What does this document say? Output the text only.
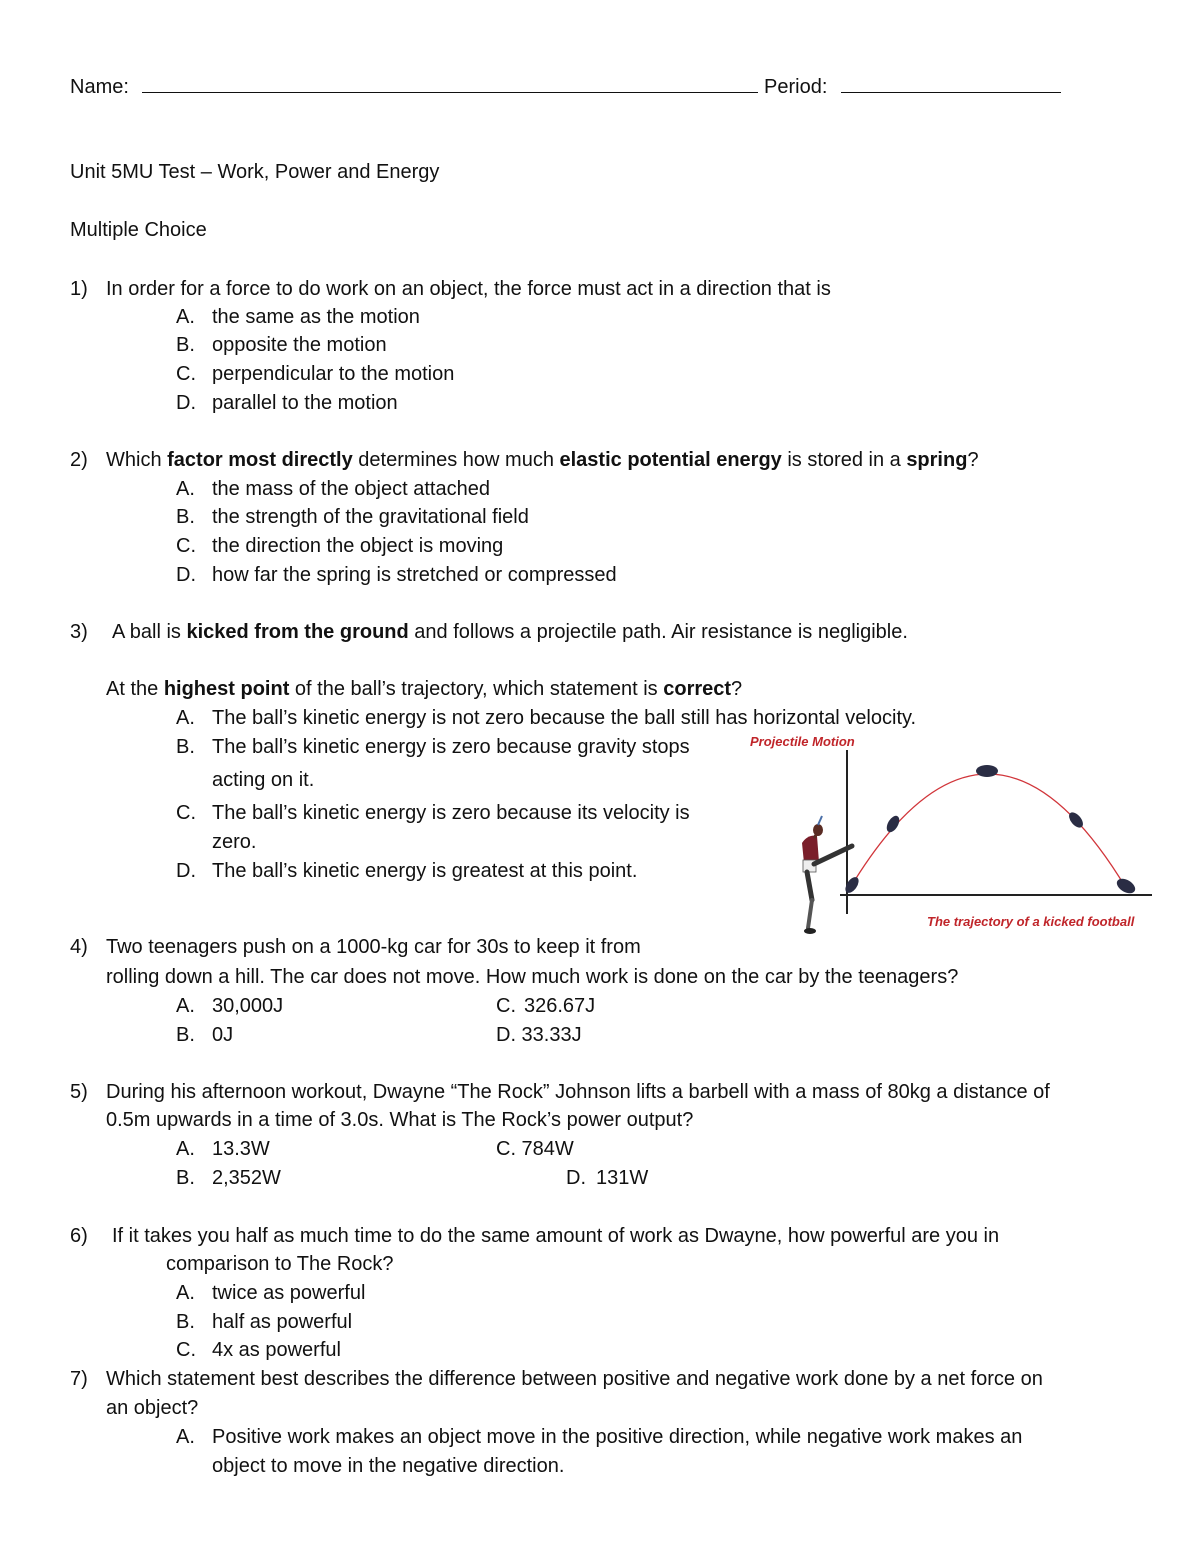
Name:	Period:
Unit 5MU Test – Work, Power and Energy
Multiple Choice
1) In order for a force to do work on an object, the force must act in a direction that is
A. the same as the motion
B. opposite the motion
C. perpendicular to the motion
D. parallel to the motion
2) Which factor most directly determines how much elastic potential energy is stored in a spring?
A. the mass of the object attached
B. the strength of the gravitational field
C. the direction the object is moving
D. how far the spring is stretched or compressed
3) A ball is kicked from the ground and follows a projectile path. Air resistance is negligible.
At the highest point of the ball’s trajectory, which statement is correct?
A. The ball’s kinetic energy is not zero because the ball still has horizontal velocity.
B. The ball’s kinetic energy is zero because gravity stops
acting on it.
C. The ball’s kinetic energy is zero because its velocity is
zero.
D. The ball’s kinetic energy is greatest at this point.
Projectile Motion
The trajectory of a kicked football
4) Two teenagers push on a 1000-kg car for 30s to keep it from
rolling down a hill. The car does not move. How much work is done on the car by the teenagers?
A. 30,000J	C. 326.67J
B. 0J	D. 33.33J
5) During his afternoon workout, Dwayne “The Rock” Johnson lifts a barbell with a mass of 80kg a distance of
0.5m upwards in a time of 3.0s. What is The Rock’s power output?
A. 13.3W	C. 784W
B. 2,352W	D. 131W
6) If it takes you half as much time to do the same amount of work as Dwayne, how powerful are you in
comparison to The Rock?
A. twice as powerful
B. half as powerful
C. 4x as powerful
7) Which statement best describes the difference between positive and negative work done by a net force on
an object?
A. Positive work makes an object move in the positive direction, while negative work makes an
object to move in the negative direction.
